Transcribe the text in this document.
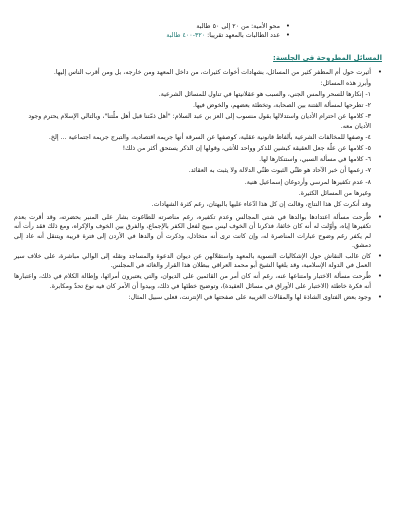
• محو الأمية: من ٢٠ إلى ٥٠ طالبة
• عدد الطالبات بالمعهد تقريبا: ٣٢٠-٤٠٠ طالبة
المسائل المطروحة في الجلسة:
• أثيرت حول أم المظفر كثير من المسائل، بشهادات أخوات كثيرات، من داخل المعهد ومن خارجه، بل ومن أقرب الناس إليها.
وأبرز هذه المسائل:
١- إنكارها للسحر والمس الجني، والسبب هو عقلانيتها في تناول للمسائل الشرعية.
٢- تطرحها لمسألة الفتنة بين الصحابة، وتخطئة بعضهم، والخوض فيها.
٣- كلامها عن احترام الأديان واستدلالها بقول منسوب إلى العز بن عبد السلام: "أهل ذمّتنا قبل أهل ملّتنا"، وبالتالي الإسلام يحترم وجود الأديان معه.
٤- وصفها للمخالفات الشرعية بألفاظ قانونية عقلية، كوصفها عن السرقة أنها جريمة اقتصادية، والتبرج جريمة اجتماعية ... إلخ.
٥- كلامها عن علّة جعل العقيقة كبشين للذكر وواحد للأنثى، وقولها إن الذكر يستحق أكثر من ذلك!
٦- كلامها في مسألة السبي، واستنكارها لها.
٧- زعمها أن خبر الآحاد هو ظنّي الثبوت ظنّي الدلالة ولا يثبت به العقائد.
٨- عدم تكفيرها لمرسي وأردوغان إسماعيل هنية.
وغيرها من المسائل الكثيرة.
وقد أنكرت كل هذا النتاج، وقالت إن كل هذا ادّعاء عليها بالبهتان، رغم كثرة الشهادات.
• طُرحت مسألة اعتدادها بوالدها في شتى المجالس وعدم تكفيره، رغم مناصرته للطاغوت بشار على المنبر بحضرته، وقد أقرت بعدم تكفيرها إياه، وأوّلت له أنه كان خائفا، فذكرنا أن الخوف ليس مبيح لفعل الكفر بالإجماع، والفرق بين الخوف والإكراه، ومع ذلك فقد رأت أنه لم يكفر رغم وضوح عبارات المناصرة له، وإن كانت ترى أنه متخاذل، وذكرت أن والدها في الأردن إلى فترة قريبة ويتنقل أنه عاد إلى دمشق.
• كان غالب النقاش حول الإشكاليات النسوية بالمعهد واستقلالهن عن ديوان الدعوة والمساجد ونقله إلى الوالي مباشرة، على خلاف سير العمل في الدولة الإسلامية، وقد بلغها الشيخ أبو محمد العراقي ببطلان هذا القرار والغائه في المجلس.
• طُرحت مسألة الاختبار وامتناعها عنه، رغم أنه كان أمر من القائمين على الديوان، والتي يعتبرون أمرائها، وإطالة الكلام في ذلك، واعتبارها أنه فكرة خاطئة (الاختبار على الأوراق في مسائل العقيدة)، وتوضيح خطئها في ذلك، وبيدوا أن الأمر كان فيه نوع تحدّ ومكابرة.
• وجود بعض الفتاوى الشاذة لها والمقالات الغريبة على صفحتها في الإنترنت، فعلى سبيل المثال:
